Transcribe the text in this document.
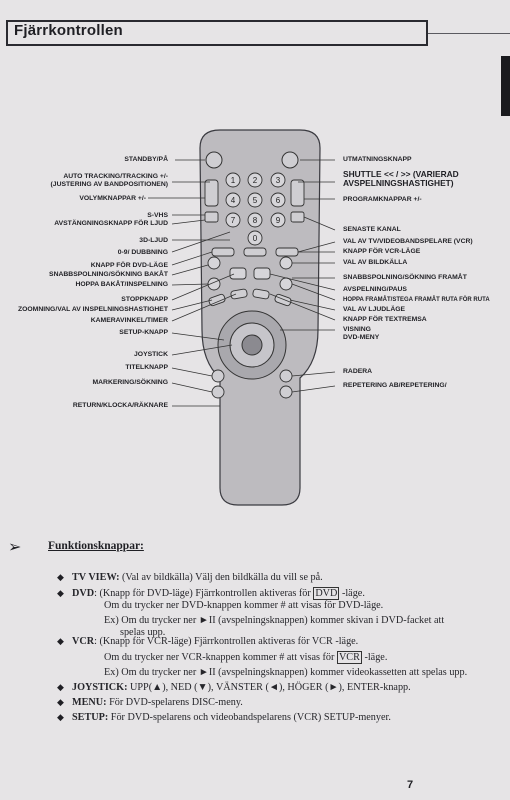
Fjärrkontrollen
1 2 3
4 5 6
7 8 9
0
STANDBY/PÅ
AUTO TRACKING/TRACKING +/-
(JUSTERING AV BANDPOSITIONEN)
VOLYMKNAPPAR +/-
S-VHS
AVSTÄNGNINGSKNAPP FÖR LJUD
3D-LJUD
0-9/ DUBBNING
KNAPP FÖR DVD-LÄGE
SNABBSPOLNING/SÖKNING BAKÅT
HOPPA BAKÅT/INSPELNING
STOPPKNAPP
ZOOMNING/VAL AV INSPELNINGSHASTIGHET
KAMERAVINKEL/TIMER
SETUP-KNAPP
JOYSTICK
TITELKNAPP
MARKERING/SÖKNING
RETURN/KLOCKA/RÄKNARE
UTMATNINGSKNAPP
SHUTTLE << / >> (VARIERAD
AVSPELNINGSHASTIGHET)
PROGRAMKNAPPAR +/-
SENASTE KANAL
VAL AV TV/VIDEOBANDSPELARE (VCR)
KNAPP FÖR VCR-LÄGE
VAL AV BILDKÄLLA
SNABBSPOLNING/SÖKNING FRAMÅT
AVSPELNING/PAUS
HOPPA FRAMÅT/STEGA FRAMÅT RUTA FÖR RUTA
VAL AV LJUDLÄGE
KNAPP FÖR TEXTREMSA
VISNING
DVD-MENY
RADERA
REPETERING AB/REPETERING/
➢ Funktionsknappar:
◆ TV VIEW: (Val av bildkälla) Välj den bildkälla du vill se på.
◆ DVD: (Knapp för DVD-läge) Fjärrkontrollen aktiveras för DVD -läge.
Om du trycker ner DVD-knappen kommer # att visas för DVD-läge.
Ex) Om du trycker ner ►II (avspelningsknappen) kommer skivan i DVD-facket att
spelas upp.
◆ VCR: (Knapp för VCR-läge) Fjärrkontrollen aktiveras för VCR -läge.
Om du trycker ner VCR-knappen kommer # att visas för VCR -läge.
Ex) Om du trycker ner ►II (avspelningsknappen) kommer videokassetten att spelas upp.
◆ JOYSTICK: UPP(▲), NED (▼), VÄNSTER (◄), HÖGER (►), ENTER-knapp.
◆ MENU: För DVD-spelarens DISC-meny.
◆ SETUP: För DVD-spelarens och videobandspelarens (VCR) SETUP-menyer.
7
